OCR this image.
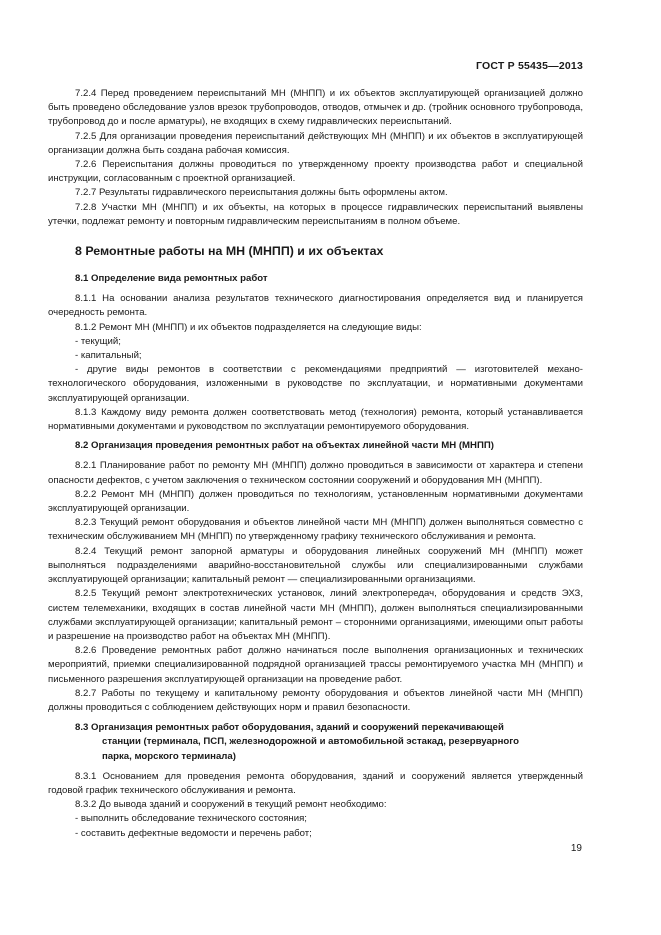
ГОСТ Р 55435—2013

7.2.4 Перед проведением переиспытаний МН (МНПП) и их объектов эксплуатирующей организацией должно быть проведено обследование узлов врезок трубопроводов, отводов, отмычек и др. (тройник основного трубопровода, трубопровод до и после арматуры), не входящих в схему гидравлических переиспытаний.

7.2.5 Для организации проведения переиспытаний действующих МН (МНПП) и их объектов в эксплуатирующей организации должна быть создана рабочая комиссия.

7.2.6 Переиспытания должны проводиться по утвержденному проекту производства работ и специальной инструкции, согласованным с проектной организацией.

7.2.7 Результаты гидравлического переиспытания должны быть оформлены актом.

7.2.8 Участки МН (МНПП) и их объекты, на которых в процессе гидравлических переиспытаний выявлены утечки, подлежат ремонту и повторным гидравлическим переиспытаниям в полном объеме.

8 Ремонтные работы на МН (МНПП) и их объектах
8.1 Определение вида ремонтных работ

8.1.1 На основании анализа результатов технического диагностирования определяется вид и планируется очередность ремонта.

8.1.2 Ремонт МН (МНПП) и их объектов подразделяется на следующие виды:

- текущий;

- капитальный;

- другие виды ремонтов в соответствии с рекомендациями предприятий — изготовителей механо-технологического оборудования, изложенными в руководстве по эксплуатации, и нормативными документами эксплуатирующей организации.

8.1.3 Каждому виду ремонта должен соответствовать метод (технология) ремонта, который устанавливается нормативными документами и руководством по эксплуатации ремонтируемого оборудования.

8.2 Организация проведения ремонтных работ на объектах линейной части МН (МНПП)

8.2.1 Планирование работ по ремонту МН (МНПП) должно проводиться в зависимости от характера и степени опасности дефектов, с учетом заключения о техническом состоянии сооружений и оборудования МН (МНПП).

8.2.2 Ремонт МН (МНПП) должен проводиться по технологиям, установленным нормативными документами эксплуатирующей организации.

8.2.3 Текущий ремонт оборудования и объектов линейной части МН (МНПП) должен выполняться совместно с техническим обслуживанием МН (МНПП) по утвержденному графику технического обслуживания и ремонта.

8.2.4 Текущий ремонт запорной арматуры и оборудования линейных сооружений МН (МНПП) может выполняться подразделениями аварийно-восстановительной службы или специализированными службами эксплуатирующей организации; капитальный ремонт — специализированными организациями.

8.2.5 Текущий ремонт электротехнических установок, линий электропередач, оборудования и средств ЭХЗ, систем телемеханики, входящих в состав линейной части МН (МНПП), должен выполняться специализированными службами эксплуатирующей организации; капитальный ремонт – сторонними организациями, имеющими опыт работы и разрешение на производство работ на объектах МН (МНПП).

8.2.6 Проведение ремонтных работ должно начинаться после выполнения организационных и технических мероприятий, приемки специализированной подрядной организацией трассы ремонтируемого участка МН (МНПП) и письменного разрешения эксплуатирующей организации на проведение работ.

8.2.7 Работы по текущему и капитальному ремонту оборудования и объектов линейной части МН (МНПП) должны проводиться с соблюдением действующих норм и правил безопасности.

8.3 Организация ремонтных работ оборудования, зданий и сооружений перекачивающей
станции (терминала, ПСП, железнодорожной и автомобильной эстакад, резервуарного
парка, морского терминала)

8.3.1 Основанием для проведения ремонта оборудования, зданий и сооружений является утвержденный годовой график технического обслуживания и ремонта.

8.3.2 До вывода зданий и сооружений в текущий ремонт необходимо:

- выполнить обследование технического состояния;

- составить дефектные ведомости и перечень работ;

19
